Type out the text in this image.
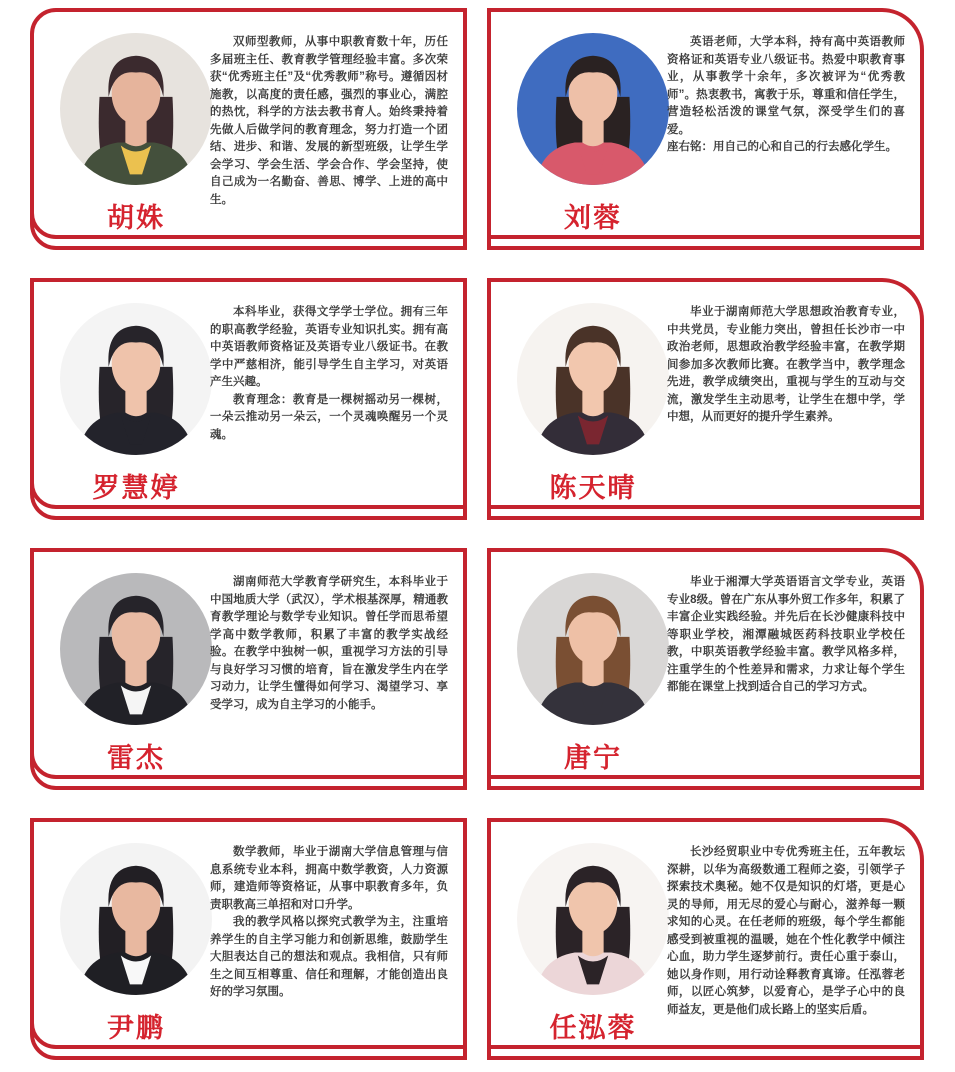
胡姝

双师型教师，从事中职教育数十年，历任多届班主任、教育教学管理经验丰富。多次荣获“优秀班主任”及“优秀教师”称号。遵循因材施教，以高度的责任感，强烈的事业心，满腔的热忱，科学的方法去教书育人。始终秉持着先做人后做学问的教育理念，努力打造一个团结、进步、和谐、发展的新型班级，让学生学会学习、学会生活、学会合作、学会坚持，使自己成为一名勤奋、善思、博学、上进的高中生。

刘蓉

英语老师，大学本科，持有高中英语教师资格证和英语专业八级证书。热爱中职教育事业，从事教学十余年，多次被评为“优秀教师”。热衷教书，寓教于乐，尊重和信任学生，营造轻松活泼的课堂气氛，深受学生们的喜爱。

座右铭：用自己的心和自己的行去感化学生。

罗慧婷

本科毕业，获得文学学士学位。拥有三年的职高教学经验，英语专业知识扎实。拥有高中英语教师资格证及英语专业八级证书。在教学中严慈相济，能引导学生自主学习，对英语产生兴趣。

教育理念：教育是一棵树摇动另一棵树，一朵云推动另一朵云，一个灵魂唤醒另一个灵魂。

陈天晴

毕业于湖南师范大学思想政治教育专业，中共党员，专业能力突出，曾担任长沙市一中政治老师，思想政治教学经验丰富，在教学期间参加多次教师比赛。在教学当中，教学理念先进，教学成绩突出，重视与学生的互动与交流，激发学生主动思考，让学生在想中学，学中想，从而更好的提升学生素养。

雷杰

湖南师范大学教育学研究生，本科毕业于中国地质大学（武汉），学术根基深厚，精通教育教学理论与数学专业知识。曾任学而思希望学高中数学教师，积累了丰富的教学实战经验。在教学中独树一帜，重视学习方法的引导与良好学习习惯的培育，旨在激发学生内在学习动力，让学生懂得如何学习、渴望学习、享受学习，成为自主学习的小能手。

唐宁

毕业于湘潭大学英语语言文学专业，英语专业8级。曾在广东从事外贸工作多年，积累了丰富企业实践经验。并先后在长沙健康科技中等职业学校，湘潭融城医药科技职业学校任教，中职英语教学经验丰富。教学风格多样，注重学生的个性差异和需求，力求让每个学生都能在课堂上找到适合自己的学习方式。

尹鹏

数学教师，毕业于湖南大学信息管理与信息系统专业本科，拥高中数学教资，人力资源师，建造师等资格证，从事中职教育多年，负责职教高三单招和对口升学。

我的教学风格以探究式教学为主，注重培养学生的自主学习能力和创新思维，鼓励学生大胆表达自己的想法和观点。我相信，只有师生之间互相尊重、信任和理解，才能创造出良好的学习氛围。

任泓蓉

长沙经贸职业中专优秀班主任，五年教坛深耕，以华为高级数通工程师之姿，引领学子探索技术奥秘。她不仅是知识的灯塔，更是心灵的导师，用无尽的爱心与耐心，滋养每一颗求知的心灵。在任老师的班级，每个学生都能感受到被重视的温暖，她在个性化教学中倾注心血，助力学生逐梦前行。责任心重于泰山，她以身作则，用行动诠释教育真谛。任泓蓉老师，以匠心筑梦，以爱育心，是学子心中的良师益友，更是他们成长路上的坚实后盾。
